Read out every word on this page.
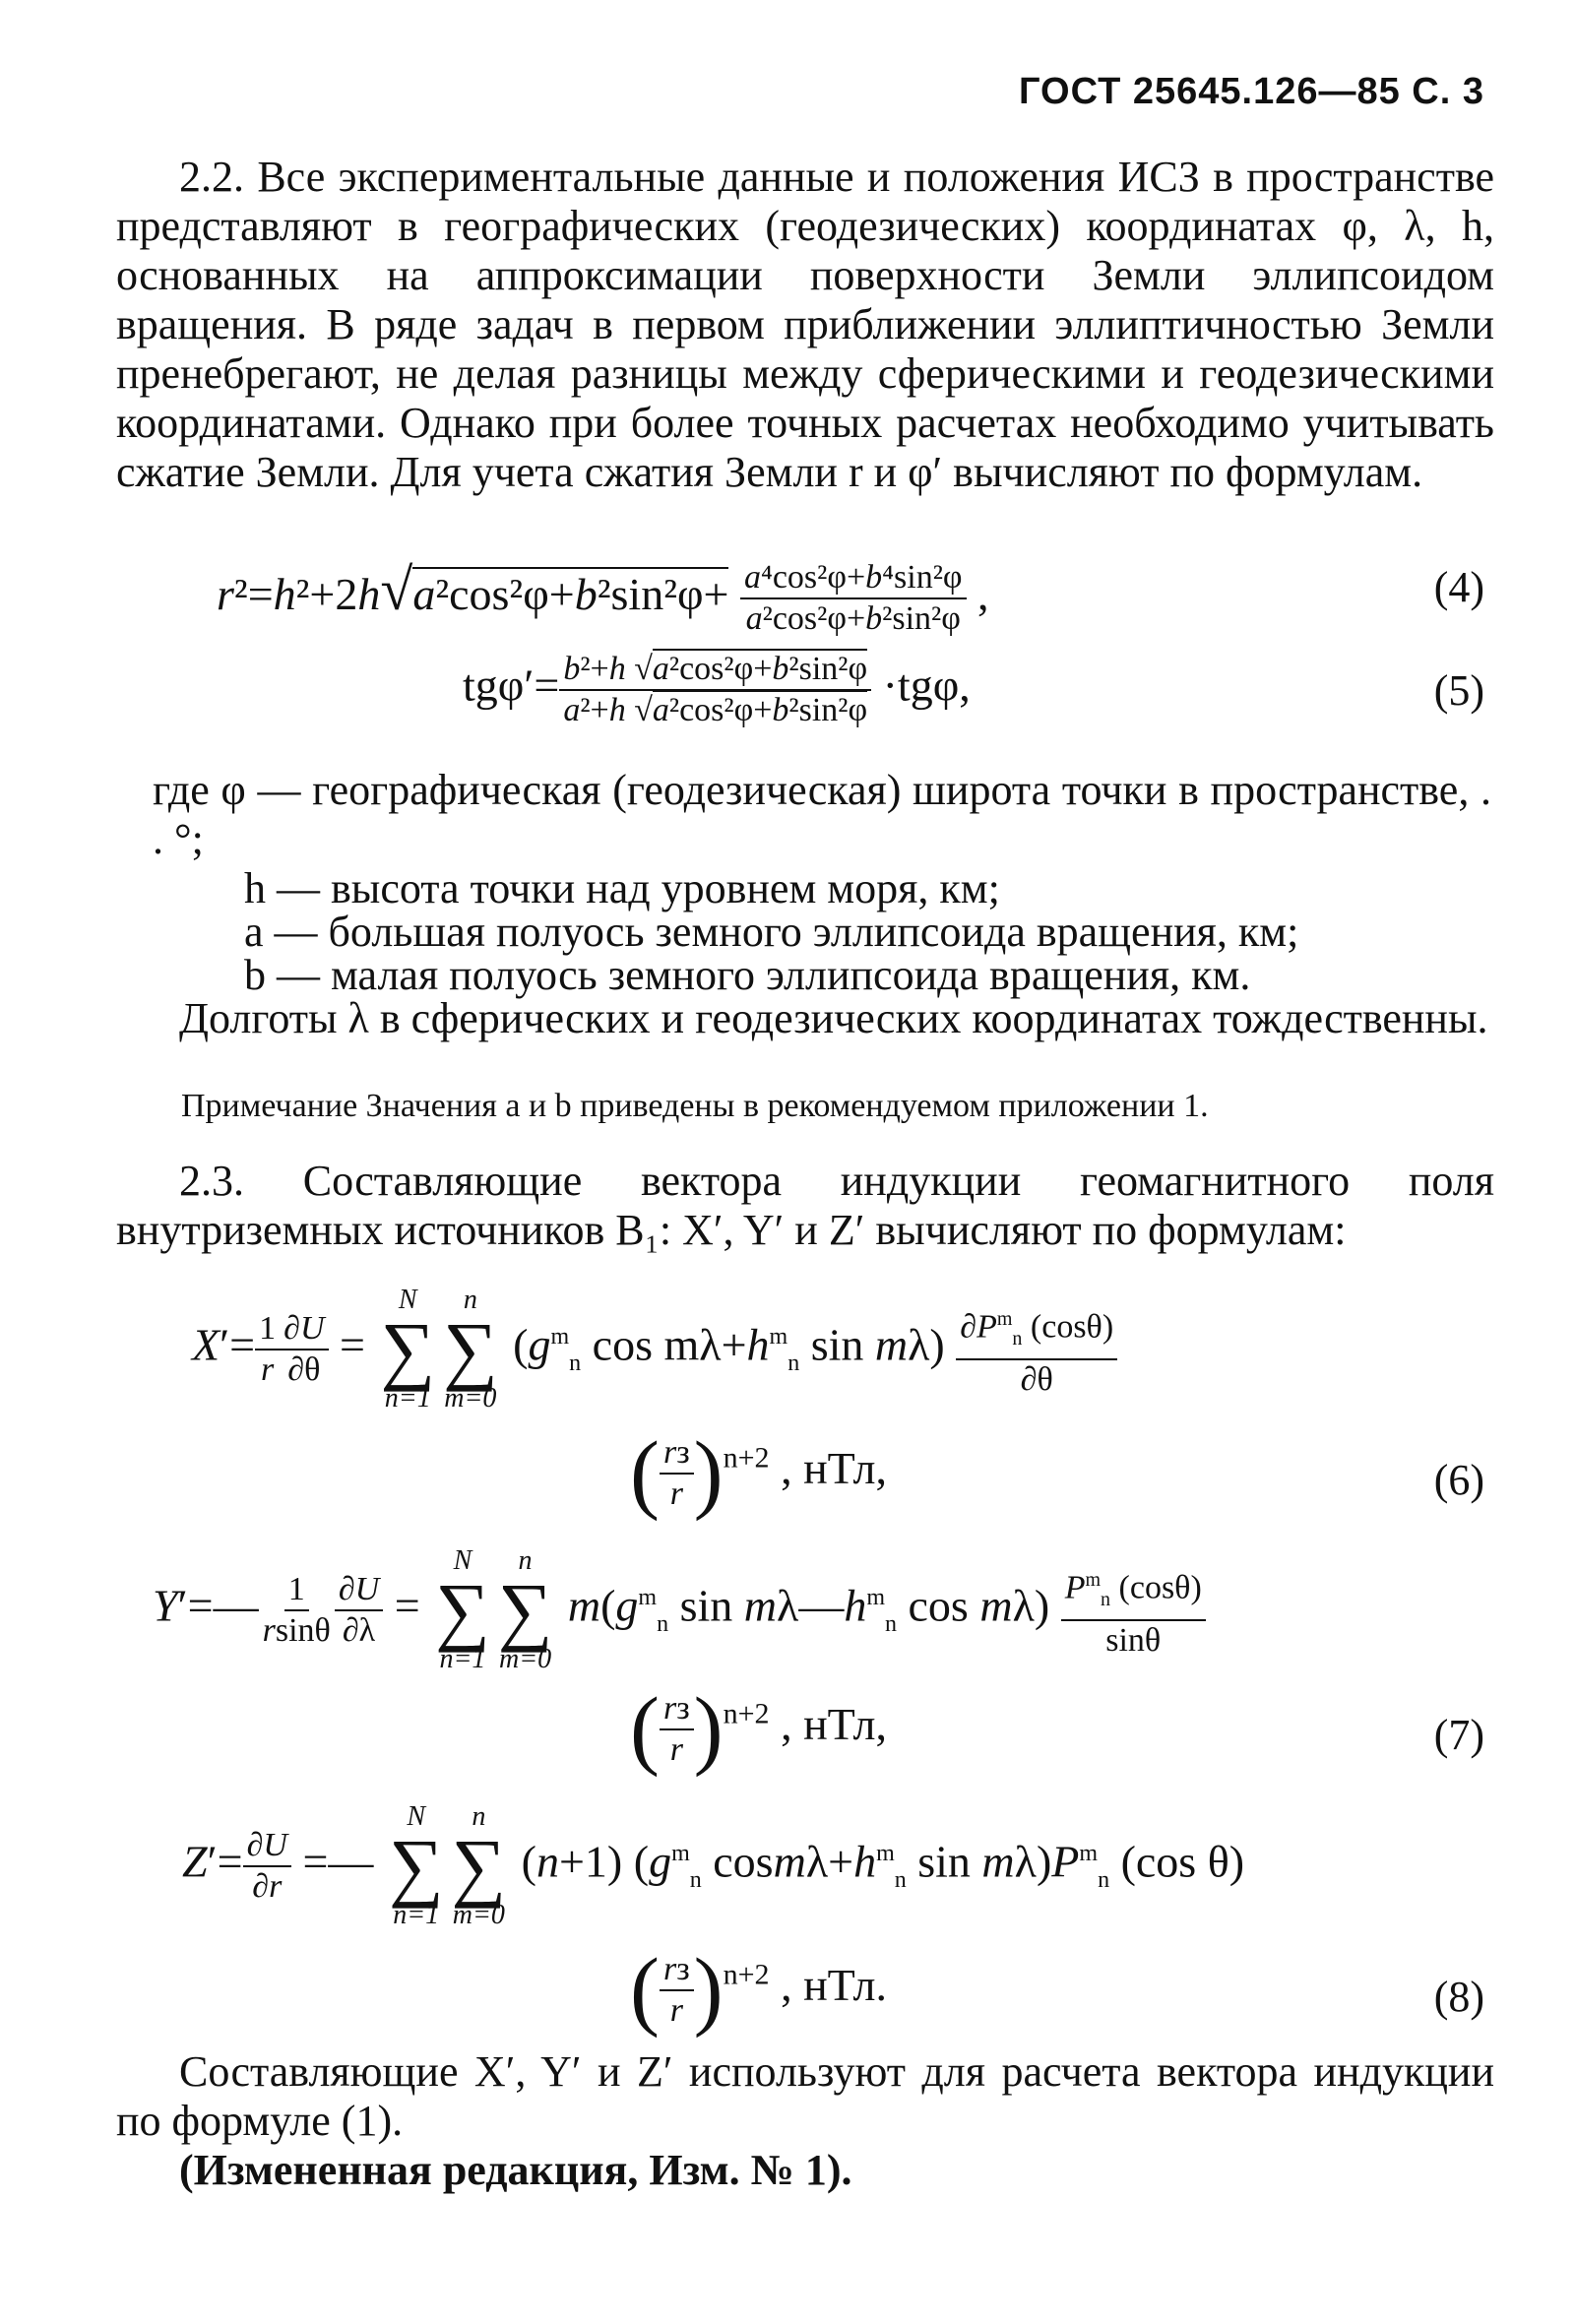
ГОСТ 25645.126—85 С. 3
2.2. Все экспериментальные данные и положения ИСЗ в пространстве представляют в географических (геодезических) координатах φ, λ, h, основанных на аппроксимации поверхности Земли эллипсоидом вращения. В ряде задач в первом приближении эллиптичностью Земли пренебрегают, не делая разницы между сферическими и геодезическими координатами. Однако при более точных расчетах необходимо учитывать сжатие Земли. Для учета сжатия Земли r и φ′ вычисляют по формулам.
$r^2=h^2+2h√a^2\cos^2\varphi+b^2\sin^2\varphi+ \frac{\text{a⁴cos²φ+b⁴sin²φ}}{\text{a²cos²φ+b²sin²φ}}$ ,	(4)
$tg\varphi'= \frac{\text{b²+h √a²cos²φ+b²sin²φ}}{\text{a²+h √a²cos²φ+b²sin²φ}} \cdot tg\varphi$,	(5)
где φ — географическая (геодезическая) широта точки в пространстве, . . °;
h — высота точки над уровнем моря, км;
a — большая полуось земного эллипсоида вращения, км;
b — малая полуось земного эллипсоида вращения, км.
Долготы λ в сферических и геодезических координатах тождественны.
Примечание Значения a и b приведены в рекомендуемом приложении 1.
2.3. Составляющие вектора индукции геомагнитного поля внутриземных источников B₁: X′, Y′ и Z′ вычисляют по формулам:
$X'= \frac{1}{r} \frac{\partial U}{\partial\theta}$ =
N
∑
n=1
n
∑
m=0
($g^m_n$ $\cos m\lambda+h^m_n$ $\sin m\lambda) \frac{\partial P^m_n (\cos\theta)}{\partial\theta}$
( $\frac{rз}{r} )^{n+2}$ , нТл,	(6)
Y′=— $\frac{1}{rsin\theta} \frac{\partial U}{\partial\lambda}$ =
N
∑
n=1
n
∑
m=0
$m(g^m_n$ $\sin m\lambda—h^m_n$ $\cos m\lambda) \frac{P^m_n (\cos\theta)}{\sin\theta}$
( $\frac{rз}{r} )^{n+2}$ , нТл,	(7)
$Z'= \frac{\partial U}{\partial r}$ =—
N
∑
n=1
n
∑
m=0
(n+1) ($g^m_n$ $\cos m\lambda+h^m_n$ $\sin m\lambda)P^m_n$ (cos θ)
( $\frac{rз}{r} )^{n+2}$ , нТл.	(8)
Составляющие X′, Y′ и Z′ используют для расчета вектора индукции по формуле (1).
(Измененная редакция, Изм. № 1).
